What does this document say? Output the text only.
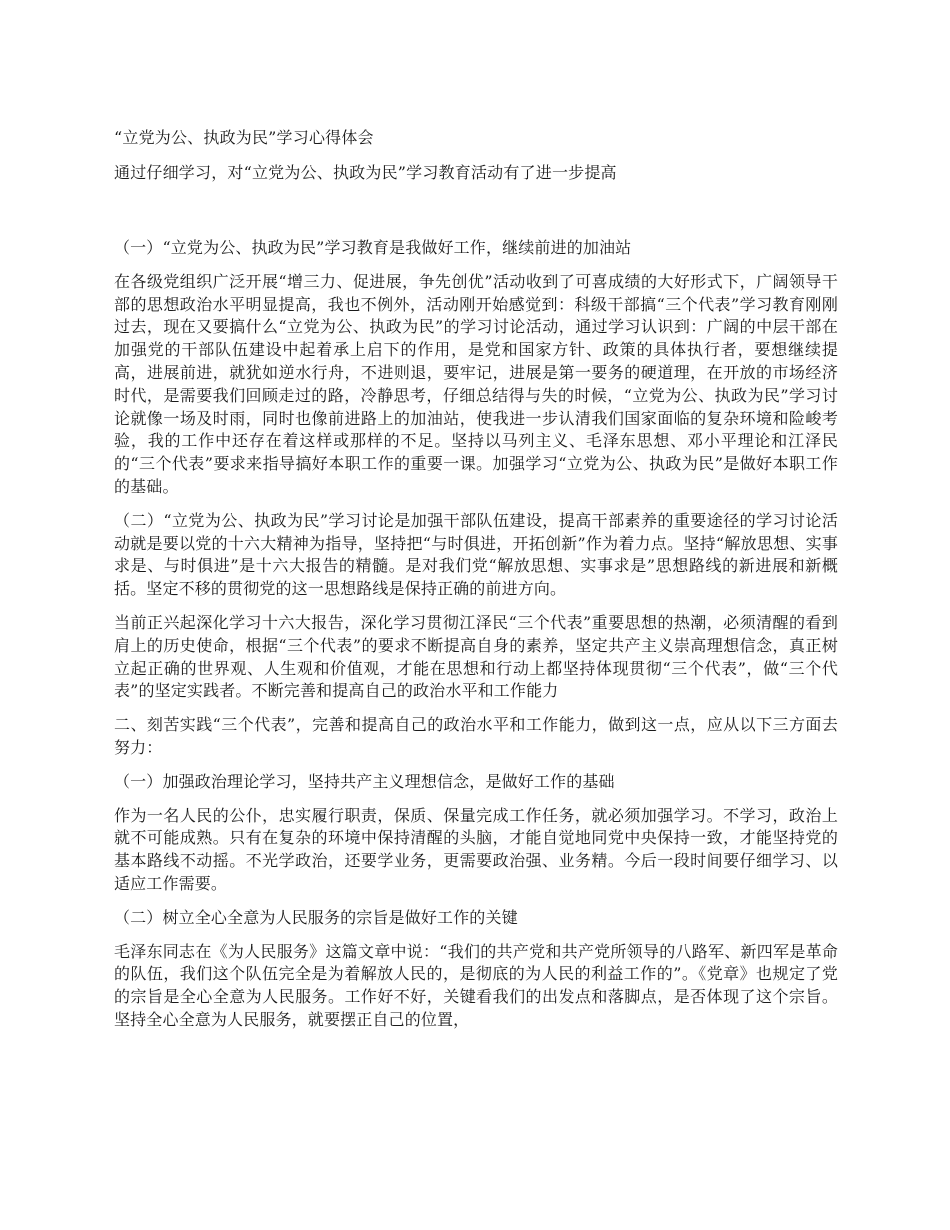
“立党为公、执政为民”学习心得体会
通过仔细学习，对“立党为公、执政为民”学习教育活动有了进一步提高

（一）“立党为公、执政为民”学习教育是我做好工作，继续前进的加油站

在各级党组织广泛开展“增三力、促进展，争先创优”活动收到了可喜成绩的大好形式下，广阔领导干部的思想政治水平明显提高，我也不例外，活动刚开始感觉到：科级干部搞“三个代表”学习教育刚刚过去，现在又要搞什么“立党为公、执政为民”的学习讨论活动，通过学习认识到：广阔的中层干部在加强党的干部队伍建设中起着承上启下的作用，是党和国家方针、政策的具体执行者，要想继续提高，进展前进，就犹如逆水行舟，不进则退，要牢记，进展是第一要务的硬道理，在开放的市场经济时代，是需要我们回顾走过的路，冷静思考，仔细总结得与失的时候，“立党为公、执政为民”学习讨论就像一场及时雨，同时也像前进路上的加油站，使我进一步认清我们国家面临的复杂环境和险峻考验，我的工作中还存在着这样或那样的不足。坚持以马列主义、毛泽东思想、邓小平理论和江泽民的“三个代表”要求来指导搞好本职工作的重要一课。加强学习“立党为公、执政为民”是做好本职工作的基础。

（二）“立党为公、执政为民”学习讨论是加强干部队伍建设，提高干部素养的重要途径的学习讨论活动就是要以党的十六大精神为指导，坚持把“与时俱进，开拓创新”作为着力点。坚持“解放思想、实事求是、与时俱进”是十六大报告的精髓。是对我们党“解放思想、实事求是”思想路线的新进展和新概括。坚定不移的贯彻党的这一思想路线是保持正确的前进方向。

当前正兴起深化学习十六大报告，深化学习贯彻江泽民“三个代表”重要思想的热潮，必须清醒的看到肩上的历史使命，根据“三个代表”的要求不断提高自身的素养，坚定共产主义崇高理想信念，真正树立起正确的世界观、人生观和价值观，才能在思想和行动上都坚持体现贯彻“三个代表”，做“三个代表”的坚定实践者。不断完善和提高自己的政治水平和工作能力

二、刻苦实践“三个代表”，完善和提高自己的政治水平和工作能力，做到这一点，应从以下三方面去努力：

（一）加强政治理论学习，坚持共产主义理想信念，是做好工作的基础

作为一名人民的公仆，忠实履行职责，保质、保量完成工作任务，就必须加强学习。不学习，政治上就不可能成熟。只有在复杂的环境中保持清醒的头脑，才能自觉地同党中央保持一致，才能坚持党的基本路线不动摇。不光学政治，还要学业务，更需要政治强、业务精。今后一段时间要仔细学习、以适应工作需要。

（二）树立全心全意为人民服务的宗旨是做好工作的关键

毛泽东同志在《为人民服务》这篇文章中说：“我们的共产党和共产党所领导的八路军、新四军是革命的队伍，我们这个队伍完全是为着解放人民的，是彻底的为人民的利益工作的”。《党章》也规定了党的宗旨是全心全意为人民服务。工作好不好，关键看我们的出发点和落脚点，是否体现了这个宗旨。坚持全心全意为人民服务，就要摆正自己的位置，
